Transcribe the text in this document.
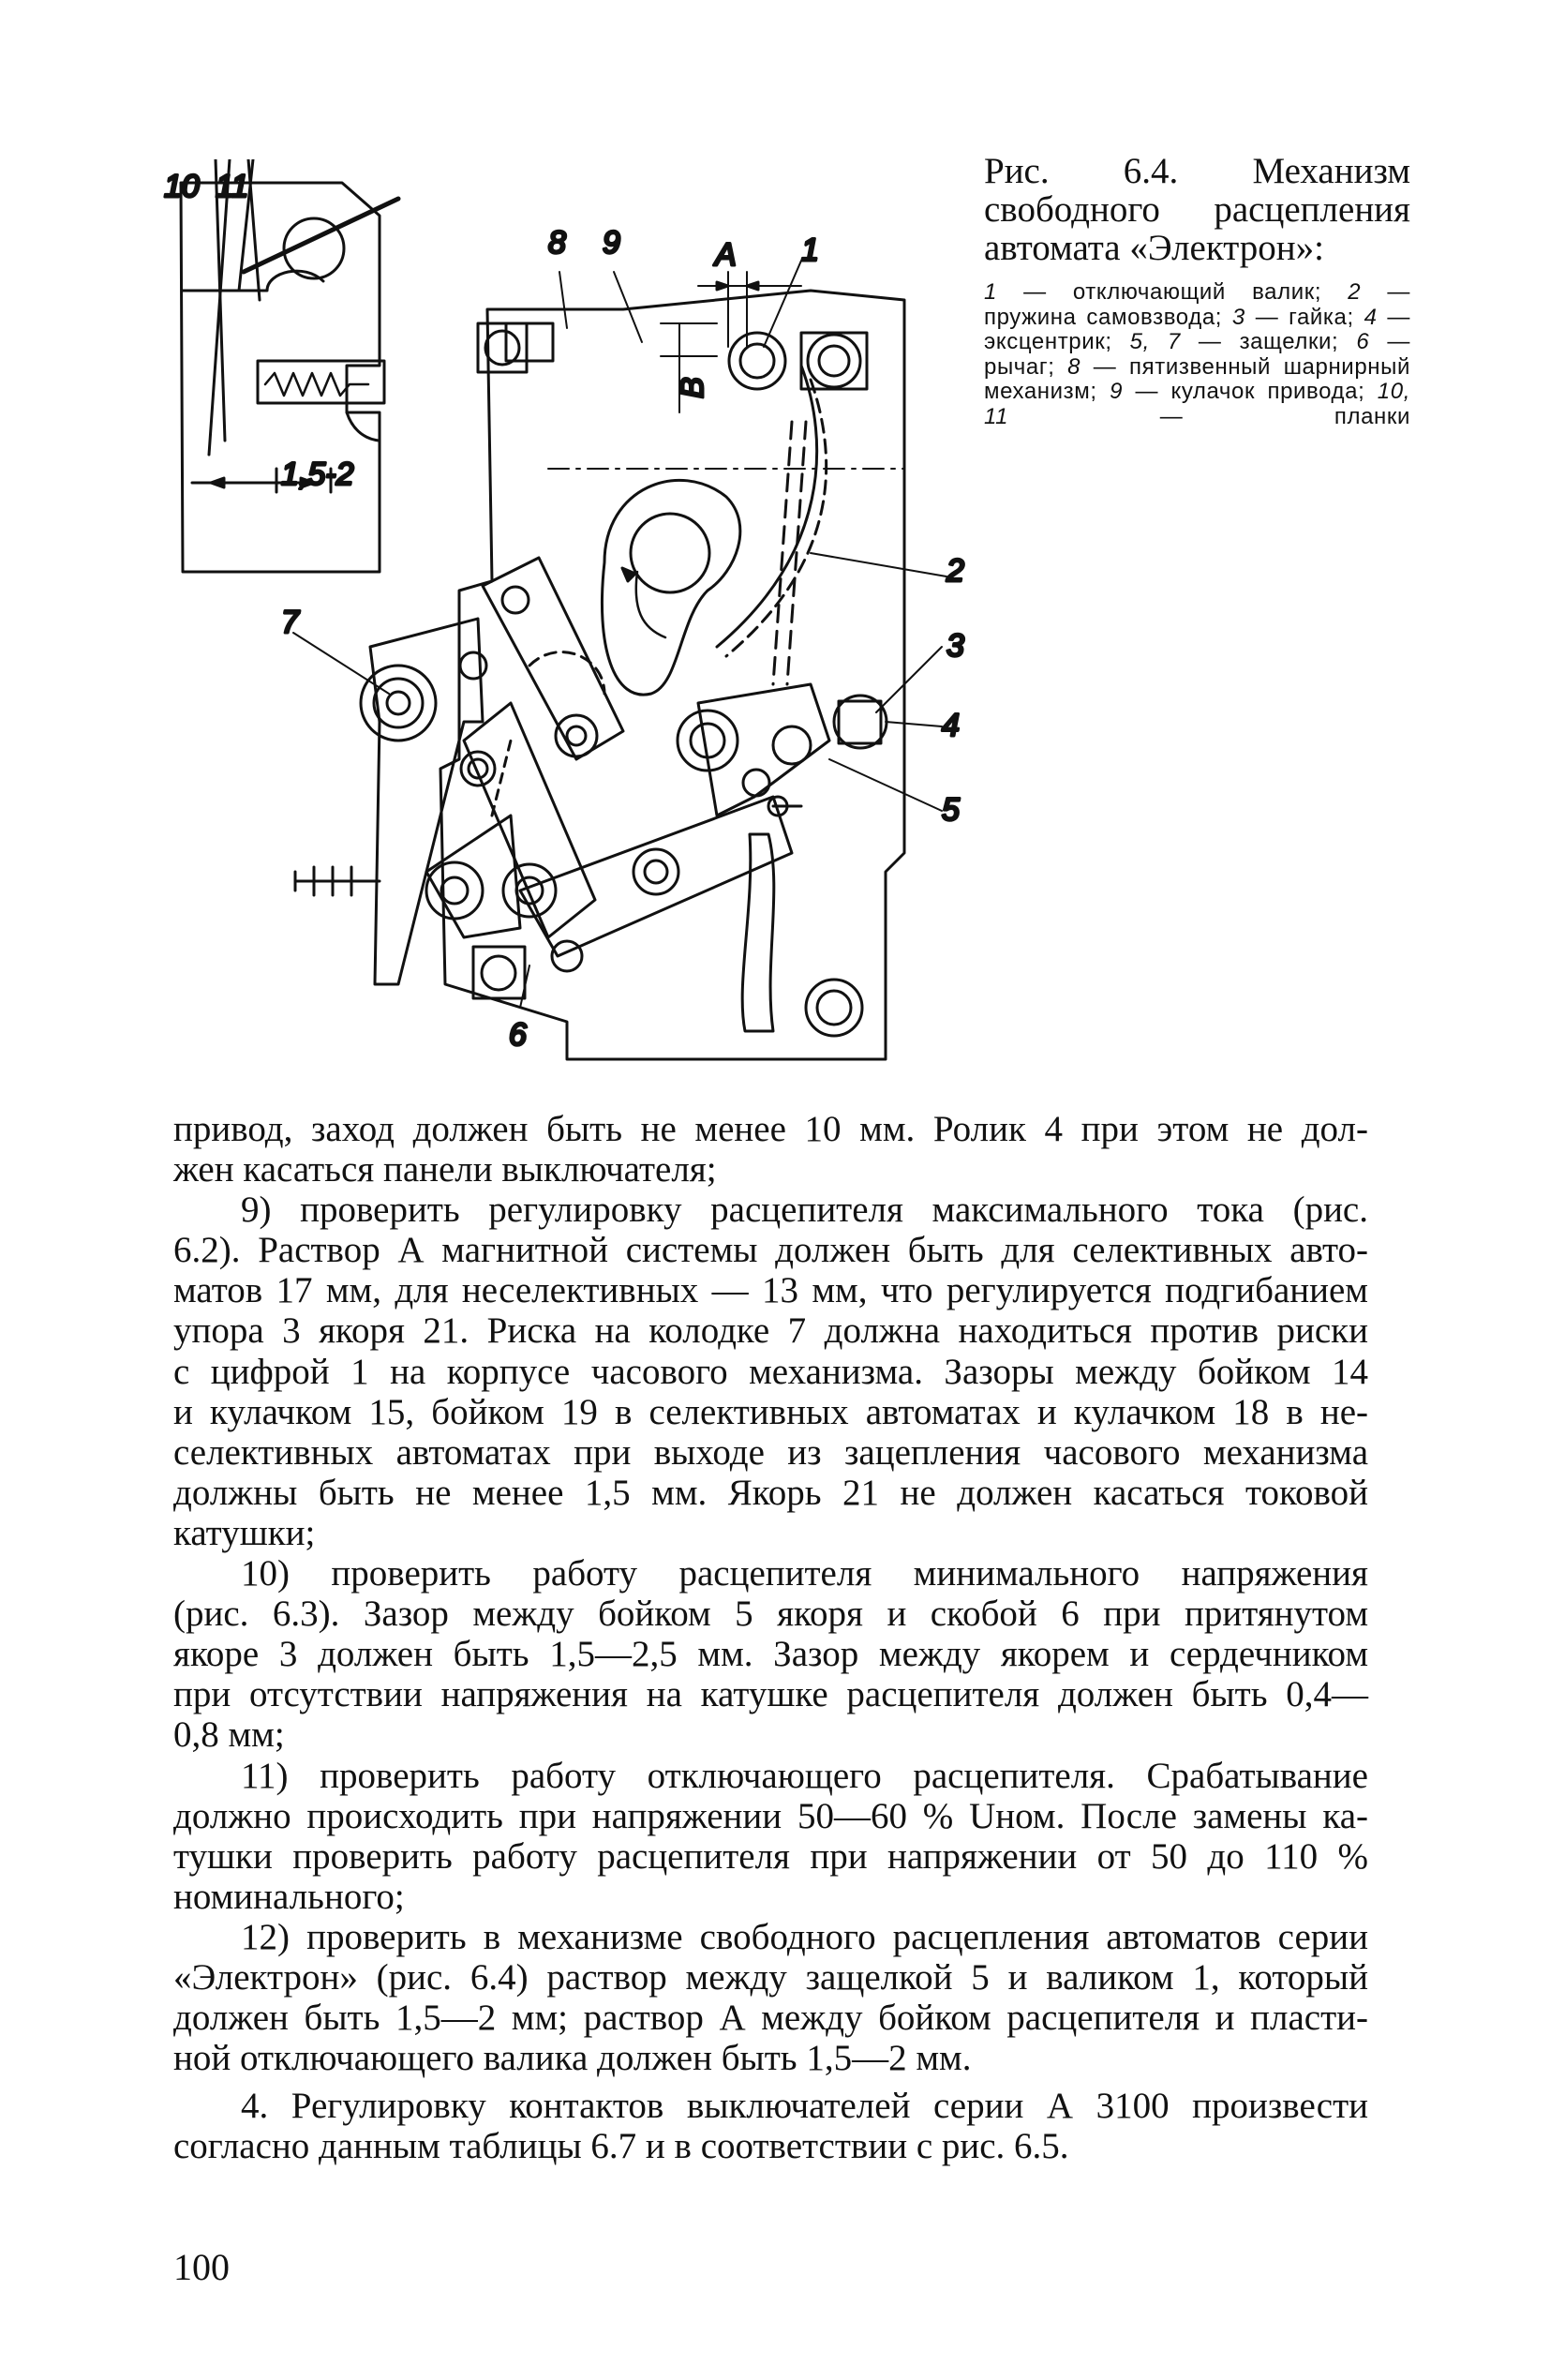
10 11
8 9	1
2
3
4
5
6
7
A
B
1,5-2

Рис. 6.4. Механизм свободного расцепления автомата «Электрон»:

1 — отключающий валик; 2 — пружина самовзвода; 3 — гайка; 4 — эксцентрик; 5, 7 — защелки; 6 — рычаг; 8 — пятизвенный шарнирный механизм; 9 — кулачок привода; 10, 11	— планки

привод, заход должен быть не менее 10 мм. Ролик 4 при этом не дол-
жен касаться панели выключателя;
9) проверить регулировку расцепителя максимального тока (рис.
6.2). Раствор А магнитной системы должен быть для селективных авто-
матов 17 мм, для неселективных — 13 мм, что регулируется подгибанием
упора 3 якоря 21. Риска на колодке 7 должна находиться против риски
с цифрой 1 на корпусе часового механизма. Зазоры между бойком 14
и кулачком 15, бойком 19 в селективных автоматах и кулачком 18 в не-
селективных автоматах при выходе из зацепления часового механизма
должны быть не менее 1,5 мм. Якорь 21 не должен касаться токовой
катушки;
10) проверить работу расцепителя минимального напряжения
(рис. 6.3). Зазор между бойком 5 якоря и скобой 6 при притянутом
якоре 3 должен быть 1,5—2,5 мм. Зазор между якорем и сердечником
при отсутствии напряжения на катушке расцепителя должен быть 0,4—
0,8 мм;
11) проверить работу отключающего расцепителя. Срабатывание
должно происходить при напряжении 50—60 % Uном. После замены ка-
тушки проверить работу расцепителя при напряжении от 50 до 110 %
номинального;
12) проверить в механизме свободного расцепления автоматов серии
«Электрон» (рис. 6.4) раствор между защелкой 5 и валиком 1, который
должен быть 1,5—2 мм; раствор А между бойком расцепителя и пласти-
ной отключающего валика должен быть 1,5—2 мм.
4. Регулировку контактов выключателей серии А 3100 произвести
согласно данным таблицы 6.7 и в соответствии с рис. 6.5.
100
